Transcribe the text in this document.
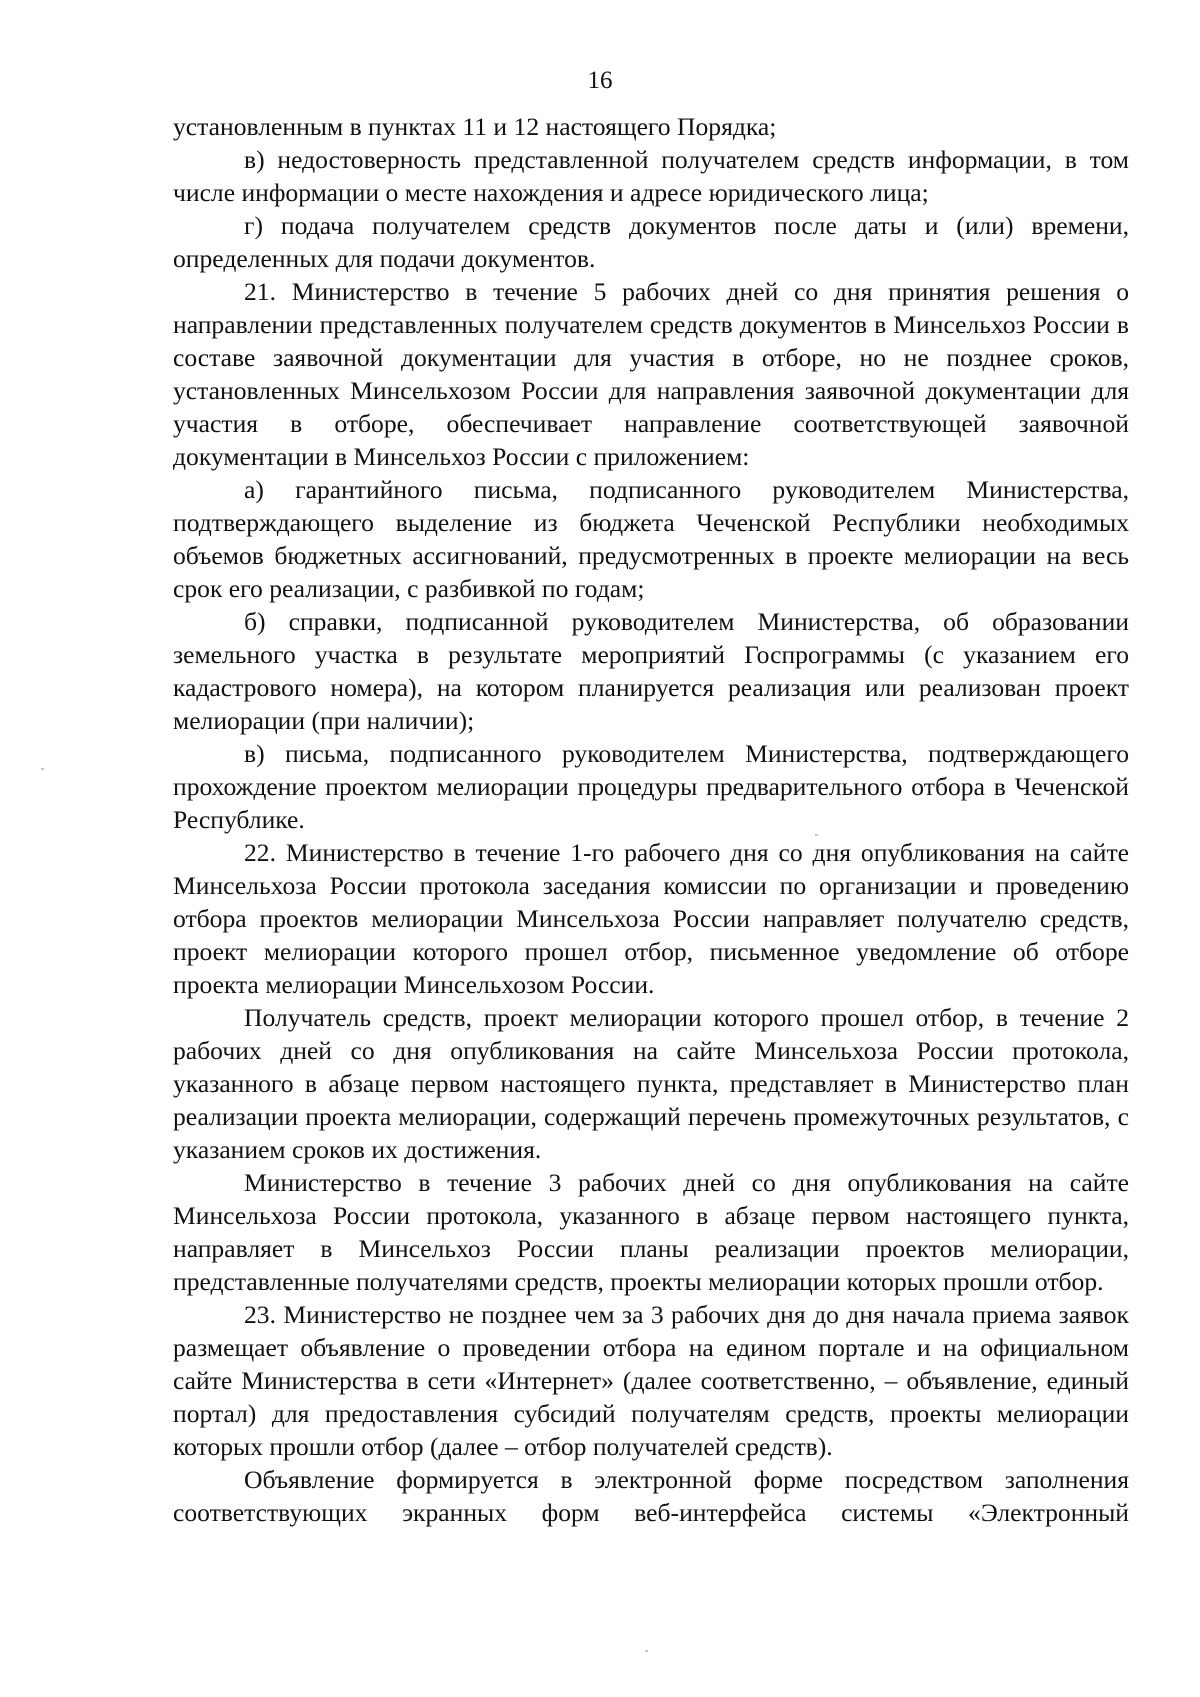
16

установленным в пунктах 11 и 12 настоящего Порядка;

в) недостоверность представленной получателем средств информации, в том числе информации о месте нахождения и адресе юридического лица;

г) подача получателем средств документов после даты и (или) времени, определенных для подачи документов.

21. Министерство в течение 5 рабочих дней со дня принятия решения о направлении представленных получателем средств документов в Минсельхоз России в составе заявочной документации для участия в отборе, но не позднее сроков, установленных Минсельхозом России для направления заявочной документации для участия в отборе, обеспечивает направление соответствующей заявочной документации в Минсельхоз России с приложением:

а) гарантийного письма, подписанного руководителем Министерства, подтверждающего выделение из бюджета Чеченской Республики необходимых объемов бюджетных ассигнований, предусмотренных в проекте мелиорации на весь срок его реализации, с разбивкой по годам;

б) справки, подписанной руководителем Министерства, об образовании земельного участка в результате мероприятий Госпрограммы (с указанием его кадастрового номера), на котором планируется реализация или реализован проект мелиорации (при наличии);

в) письма, подписанного руководителем Министерства, подтверждающего прохождение проектом мелиорации процедуры предварительного отбора в Чеченской Республике.

22. Министерство в течение 1-го рабочего дня со дня опубликования на сайте Минсельхоза России протокола заседания комиссии по организации и проведению отбора проектов мелиорации Минсельхоза России направляет получателю средств, проект мелиорации которого прошел отбор, письменное уведомление об отборе проекта мелиорации Минсельхозом России.

Получатель средств, проект мелиорации которого прошел отбор, в течение 2 рабочих дней со дня опубликования на сайте Минсельхоза России протокола, указанного в абзаце первом настоящего пункта, представляет в Министерство план реализации проекта мелиорации, содержащий перечень промежуточных результатов, с указанием сроков их достижения.

Министерство в течение 3 рабочих дней со дня опубликования на сайте Минсельхоза России протокола, указанного в абзаце первом настоящего пункта, направляет в Минсельхоз России планы реализации проектов мелиорации, представленные получателями средств, проекты мелиорации которых прошли отбор.

23. Министерство не позднее чем за 3 рабочих дня до дня начала приема заявок размещает объявление о проведении отбора на едином портале и на официальном сайте Министерства в сети «Интернет» (далее соответственно, – объявление, единый портал) для предоставления субсидий получателям средств, проекты мелиорации которых прошли отбор (далее – отбор получателей средств).

Объявление формируется в электронной форме посредством заполнения соответствующих экранных форм веб-интерфейса системы «Электронный
